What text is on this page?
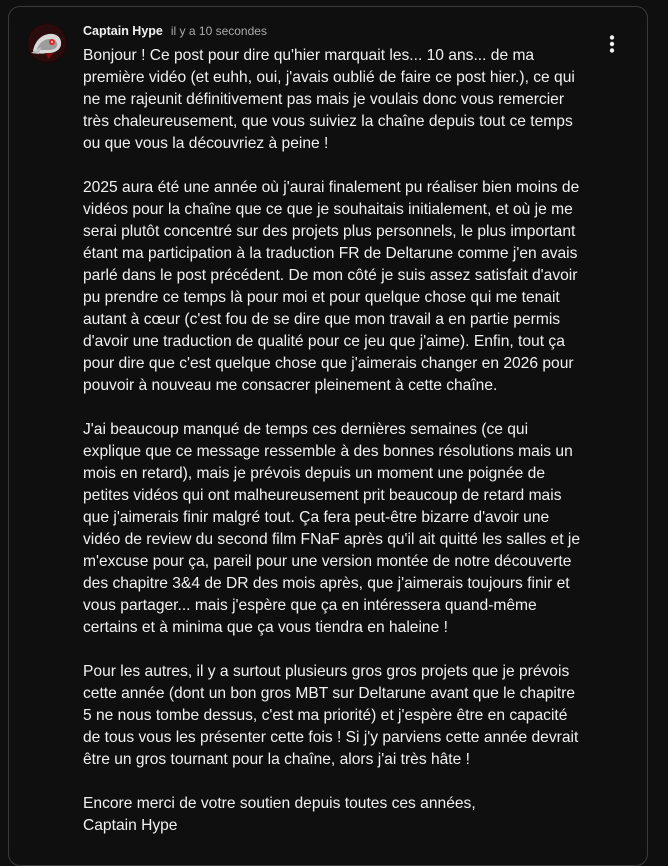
Captain Hype il y a 10 secondes
Bonjour ! Ce post pour dire qu'hier marquait les... 10 ans... de ma
première vidéo (et euhh, oui, j'avais oublié de faire ce post hier.), ce qui
ne me rajeunit définitivement pas mais je voulais donc vous remercier
très chaleureusement, que vous suiviez la chaîne depuis tout ce temps
ou que vous la découvriez à peine !
2025 aura été une année où j'aurai finalement pu réaliser bien moins de
vidéos pour la chaîne que ce que je souhaitais initialement, et où je me
serai plutôt concentré sur des projets plus personnels, le plus important
étant ma participation à la traduction FR de Deltarune comme j'en avais
parlé dans le post précédent. De mon côté je suis assez satisfait d'avoir
pu prendre ce temps là pour moi et pour quelque chose qui me tenait
autant à cœur (c'est fou de se dire que mon travail a en partie permis
d'avoir une traduction de qualité pour ce jeu que j'aime). Enfin, tout ça
pour dire que c'est quelque chose que j'aimerais changer en 2026 pour
pouvoir à nouveau me consacrer pleinement à cette chaîne.
J'ai beaucoup manqué de temps ces dernières semaines (ce qui
explique que ce message ressemble à des bonnes résolutions mais un
mois en retard), mais je prévois depuis un moment une poignée de
petites vidéos qui ont malheureusement prit beaucoup de retard mais
que j'aimerais finir malgré tout. Ça fera peut-être bizarre d'avoir une
vidéo de review du second film FNaF après qu'il ait quitté les salles et je
m'excuse pour ça, pareil pour une version montée de notre découverte
des chapitre 3&4 de DR des mois après, que j'aimerais toujours finir et
vous partager... mais j'espère que ça en intéressera quand-même
certains et à minima que ça vous tiendra en haleine !
Pour les autres, il y a surtout plusieurs gros gros projets que je prévois
cette année (dont un bon gros MBT sur Deltarune avant que le chapitre
5 ne nous tombe dessus, c'est ma priorité) et j'espère être en capacité
de tous vous les présenter cette fois ! Si j'y parviens cette année devrait
être un gros tournant pour la chaîne, alors j'ai très hâte !
Encore merci de votre soutien depuis toutes ces années,
Captain Hype
